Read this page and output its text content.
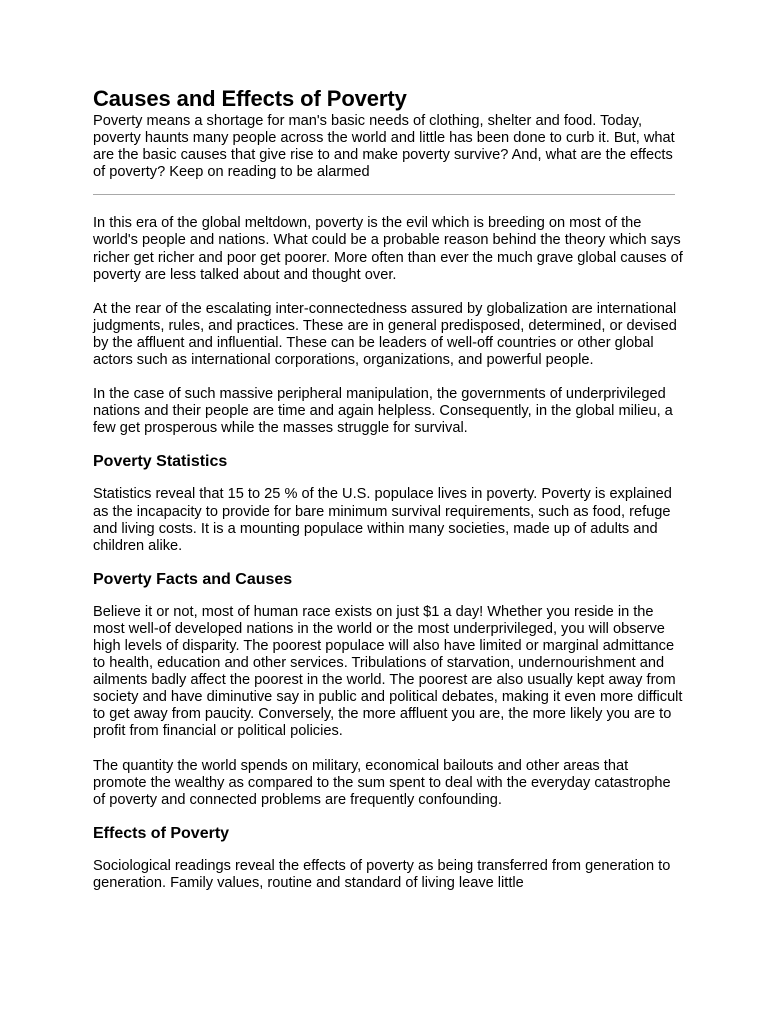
Causes and Effects of Poverty

Poverty means a shortage for man's basic needs of clothing, shelter and food. Today, poverty haunts many people across the world and little has been done to curb it. But, what are the basic causes that give rise to and make poverty survive? And, what are the effects of poverty? Keep on reading to be alarmed

In this era of the global meltdown, poverty is the evil which is breeding on most of the world's people and nations. What could be a probable reason behind the theory which says richer get richer and poor get poorer. More often than ever the much grave global causes of poverty are less talked about and thought over.

At the rear of the escalating inter-connectedness assured by globalization are international judgments, rules, and practices. These are in general predisposed, determined, or devised by the affluent and influential. These can be leaders of well-off countries or other global actors such as international corporations, organizations, and powerful people.

In the case of such massive peripheral manipulation, the governments of underprivileged nations and their people are time and again helpless. Consequently, in the global milieu, a few get prosperous while the masses struggle for survival.

Poverty Statistics

Statistics reveal that 15 to 25 % of the U.S. populace lives in poverty. Poverty is explained as the incapacity to provide for bare minimum survival requirements, such as food, refuge and living costs. It is a mounting populace within many societies, made up of adults and children alike.

Poverty Facts and Causes

Believe it or not, most of human race exists on just $1 a day! Whether you reside in the most well-of developed nations in the world or the most underprivileged, you will observe high levels of disparity. The poorest populace will also have limited or marginal admittance to health, education and other services. Tribulations of starvation, undernourishment and ailments badly affect the poorest in the world. The poorest are also usually kept away from society and have diminutive say in public and political debates, making it even more difficult to get away from paucity. Conversely, the more affluent you are, the more likely you are to profit from financial or political policies.

The quantity the world spends on military, economical bailouts and other areas that promote the wealthy as compared to the sum spent to deal with the everyday catastrophe of poverty and connected problems are frequently confounding.

Effects of Poverty

Sociological readings reveal the effects of poverty as being transferred from generation to generation. Family values, routine and standard of living leave little
